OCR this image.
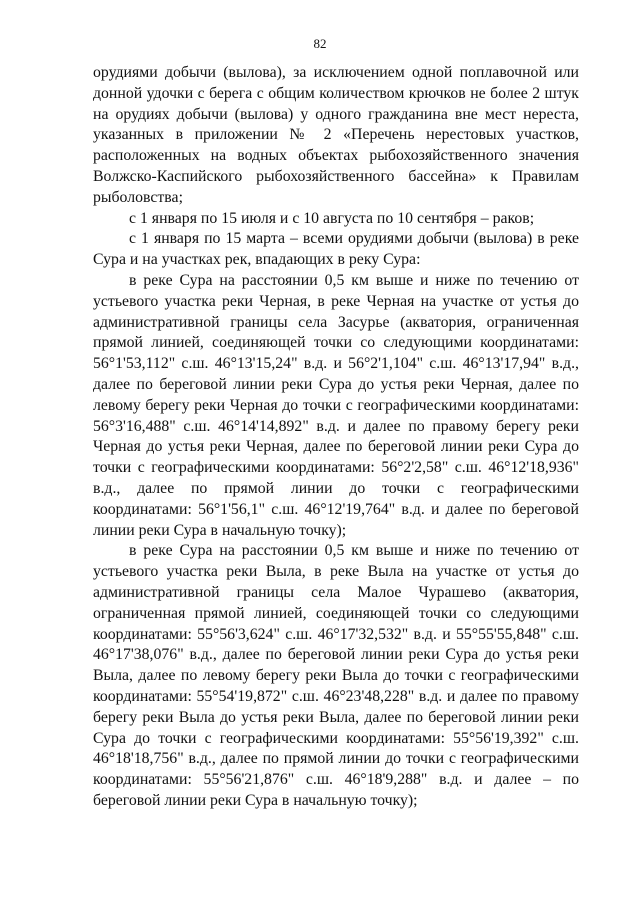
82

орудиями добычи (вылова), за исключением одной поплавочной или донной удочки с берега с общим количеством крючков не более 2 штук на орудиях добычи (вылова) у одного гражданина вне мест нереста, указанных в приложении № 2 «Перечень нерестовых участков, расположенных на водных объектах рыбохозяйственного значения Волжско-Каспийского рыбохозяйственного бассейна» к Правилам рыболовства;

с 1 января по 15 июля и с 10 августа по 10 сентября – раков;

с 1 января по 15 марта – всеми орудиями добычи (вылова) в реке Сура и на участках рек, впадающих в реку Сура:

в реке Сура на расстоянии 0,5 км выше и ниже по течению от устьевого участка реки Черная, в реке Черная на участке от устья до административной границы села Засурье (акватория, ограниченная прямой линией, соединяющей точки со следующими координатами: 56°1'53,112" с.ш. 46°13'15,24" в.д. и 56°2'1,104" с.ш. 46°13'17,94" в.д., далее по береговой линии реки Сура до устья реки Черная, далее по левому берегу реки Черная до точки с географическими координатами: 56°3'16,488" с.ш. 46°14'14,892" в.д. и далее по правому берегу реки Черная до устья реки Черная, далее по береговой линии реки Сура до точки с географическими координатами: 56°2'2,58" с.ш. 46°12'18,936" в.д., далее по прямой линии до точки с географическими координатами: 56°1'56,1" с.ш. 46°12'19,764" в.д. и далее по береговой линии реки Сура в начальную точку);

в реке Сура на расстоянии 0,5 км выше и ниже по течению от устьевого участка реки Выла, в реке Выла на участке от устья до административной границы села Малое Чурашево (акватория, ограниченная прямой линией, соединяющей точки со следующими координатами: 55°56'3,624" с.ш. 46°17'32,532" в.д. и 55°55'55,848" с.ш. 46°17'38,076" в.д., далее по береговой линии реки Сура до устья реки Выла, далее по левому берегу реки Выла до точки с географическими координатами: 55°54'19,872" с.ш. 46°23'48,228" в.д. и далее по правому берегу реки Выла до устья реки Выла, далее по береговой линии реки Сура до точки с географическими координатами: 55°56'19,392" с.ш. 46°18'18,756" в.д., далее по прямой линии до точки с географическими координатами: 55°56'21,876" с.ш. 46°18'9,288" в.д. и далее – по береговой линии реки Сура в начальную точку);
